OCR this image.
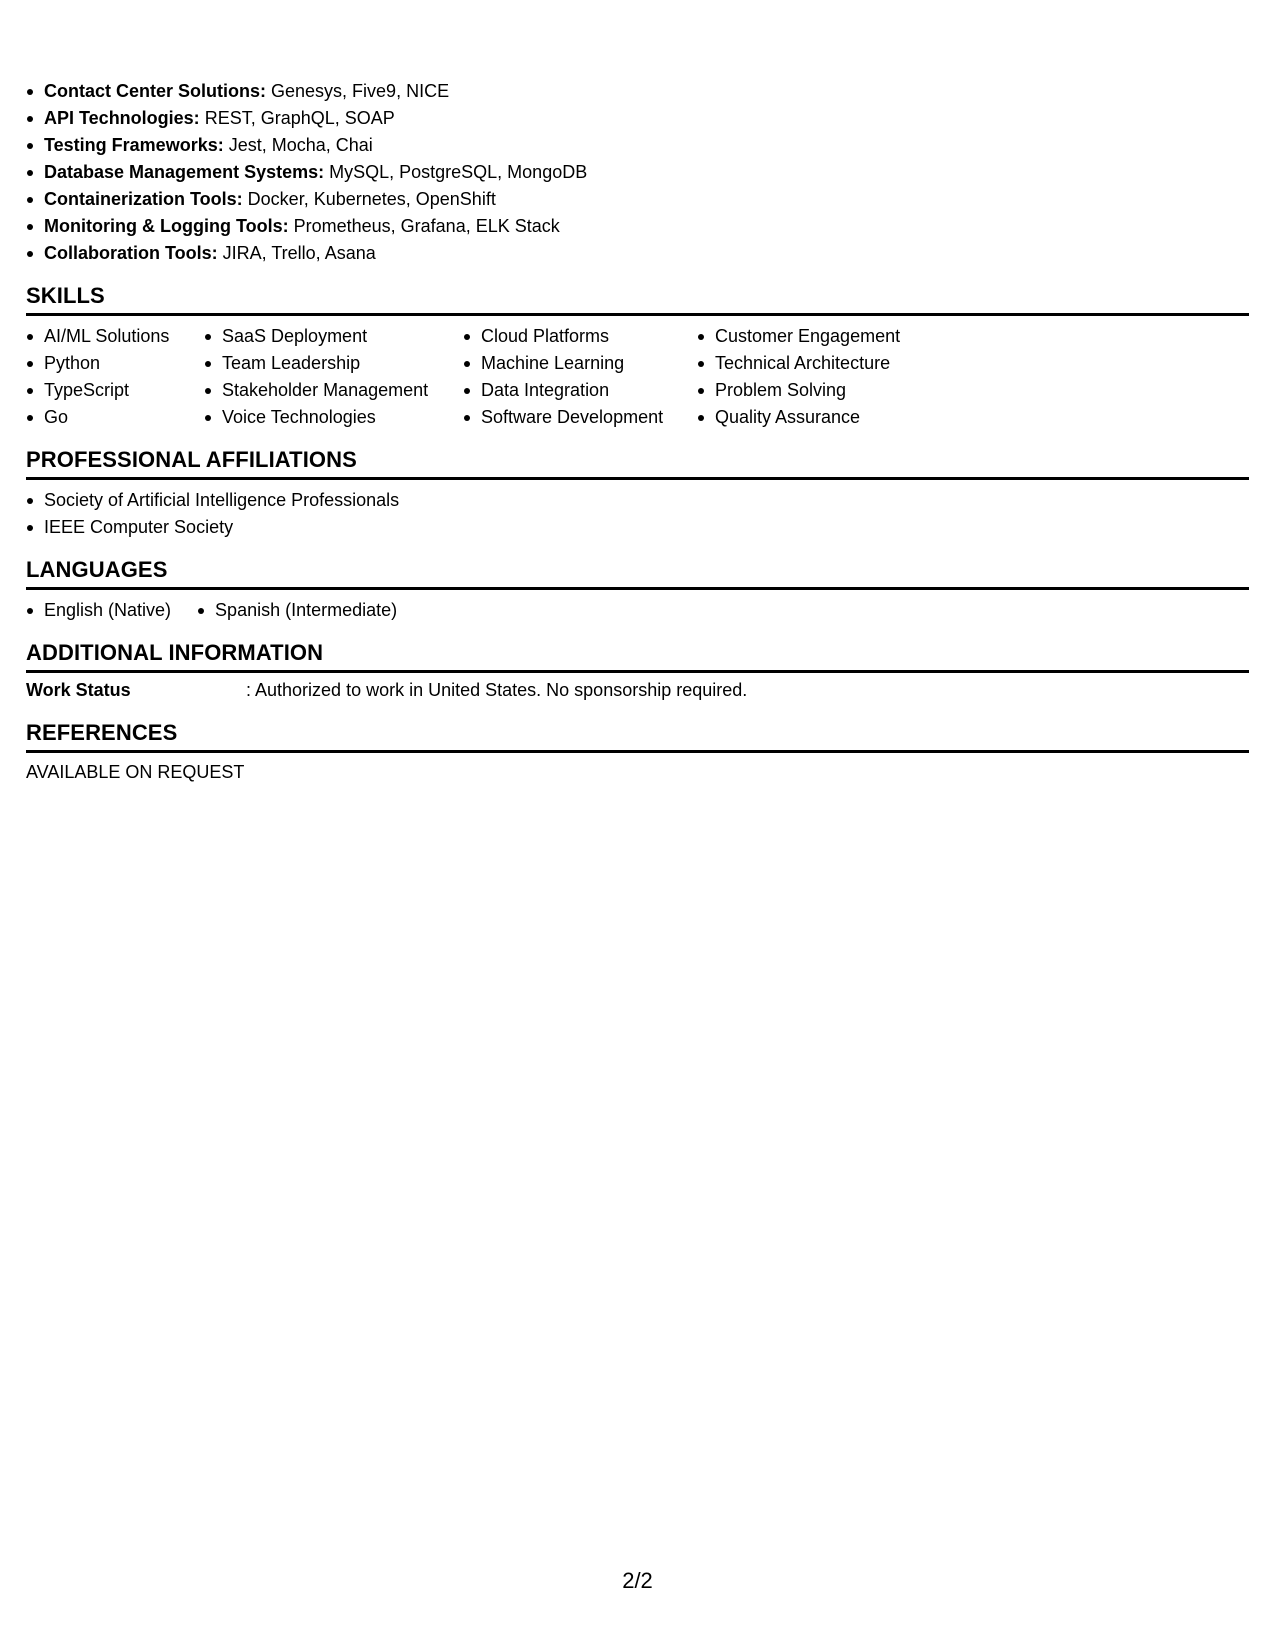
Contact Center Solutions: Genesys, Five9, NICE
API Technologies: REST, GraphQL, SOAP
Testing Frameworks: Jest, Mocha, Chai
Database Management Systems: MySQL, PostgreSQL, MongoDB
Containerization Tools: Docker, Kubernetes, OpenShift
Monitoring & Logging Tools: Prometheus, Grafana, ELK Stack
Collaboration Tools: JIRA, Trello, Asana
SKILLS
AI/ML Solutions
Python
TypeScript
Go
SaaS Deployment
Team Leadership
Stakeholder Management
Voice Technologies
Cloud Platforms
Machine Learning
Data Integration
Software Development
Customer Engagement
Technical Architecture
Problem Solving
Quality Assurance
PROFESSIONAL AFFILIATIONS
Society of Artificial Intelligence Professionals
IEEE Computer Society
LANGUAGES
English (Native)	Spanish (Intermediate)
ADDITIONAL INFORMATION
Work Status	: Authorized to work in United States. No sponsorship required.
REFERENCES
AVAILABLE ON REQUEST
2/2
